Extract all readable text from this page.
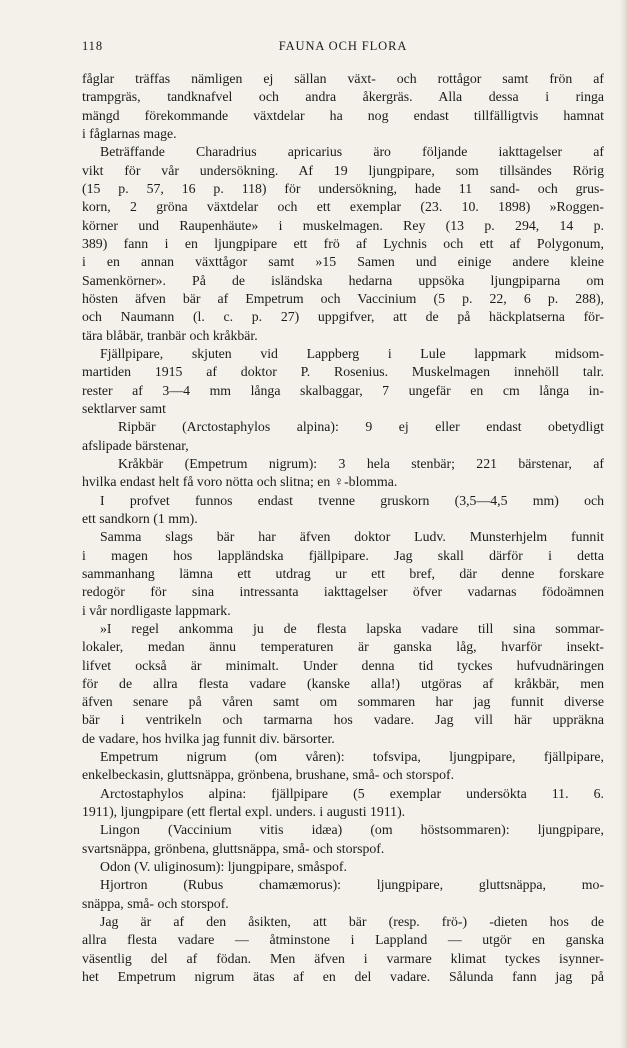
118	FAUNA OCH FLORA

fåglar träffas nämligen ej sällan växt- och rottågor samt frön af

trampgräs, tandknafvel och andra åkergräs. Alla dessa i ringa

mängd förekommande växtdelar ha nog endast tillfälligtvis hamnat

i fåglarnas mage.

Beträffande Charadrius apricarius äro följande iakttagelser af

vikt för vår undersökning. Af 19 ljungpipare, som tillsändes Rörig

(15 p. 57, 16 p. 118) för undersökning, hade 11 sand- och grus-

korn, 2 gröna växtdelar och ett exemplar (23. 10. 1898) »Roggen-

körner und Raupenhäute» i muskelmagen. Rey (13 p. 294, 14 p.

389) fann i en ljungpipare ett frö af Lychnis och ett af Polygonum,

i en annan växttågor samt »15 Samen und einige andere kleine

Samenkörner». På de isländska hedarna uppsöka ljungpiparna om

hösten äfven bär af Empetrum och Vaccinium (5 p. 22, 6 p. 288),

och Naumann (l. c. p. 27) uppgifver, att de på häckplatserna för-

tära blåbär, tranbär och kråkbär.

Fjällpipare, skjuten vid Lappberg i Lule lappmark midsom-

martiden 1915 af doktor P. Rosenius. Muskelmagen innehöll talr.

rester af 3—4 mm långa skalbaggar, 7 ungefär en cm långa in-

sektlarver samt

Ripbär (Arctostaphylos alpina): 9 ej eller endast obetydligt

afslipade bärstenar,

Kråkbär (Empetrum nigrum): 3 hela stenbär; 221 bärstenar, af

hvilka endast helt få voro nötta och slitna; en ♀-blomma.

I profvet funnos endast tvenne gruskorn (3,5—4,5 mm) och

ett sandkorn (1 mm).

Samma slags bär har äfven doktor Ludv. Munsterhjelm funnit

i magen hos lappländska fjällpipare. Jag skall därför i detta

sammanhang lämna ett utdrag ur ett bref, där denne forskare

redogör för sina intressanta iakttagelser öfver vadarnas födoämnen

i vår nordligaste lappmark.

»I regel ankomma ju de flesta lapska vadare till sina sommar-

lokaler, medan ännu temperaturen är ganska låg, hvarför insekt-

lifvet också är minimalt. Under denna tid tyckes hufvudnäringen

för de allra flesta vadare (kanske alla!) utgöras af kråkbär, men

äfven senare på våren samt om sommaren har jag funnit diverse

bär i ventrikeln och tarmarna hos vadare. Jag vill här uppräkna

de vadare, hos hvilka jag funnit div. bärsorter.

Empetrum nigrum (om våren): tofsvipa, ljungpipare, fjällpipare,

enkelbeckasin, gluttsnäppa, grönbena, brushane, små- och storspof.

Arctostaphylos alpina: fjällpipare (5 exemplar undersökta 11. 6.

1911), ljungpipare (ett flertal expl. unders. i augusti 1911).

Lingon (Vaccinium vitis idæa) (om höstsommaren): ljungpipare,

svartsnäppa, grönbena, gluttsnäppa, små- och storspof.

Odon (V. uliginosum): ljungpipare, småspof.

Hjortron (Rubus chamæmorus): ljungpipare, gluttsnäppa, mo-

snäppa, små- och storspof.

Jag är af den åsikten, att bär (resp. frö-) -dieten hos de

allra flesta vadare — åtminstone i Lappland — utgör en ganska

väsentlig del af födan. Men äfven i varmare klimat tyckes isynner-

het Empetrum nigrum ätas af en del vadare. Sålunda fann jag på
